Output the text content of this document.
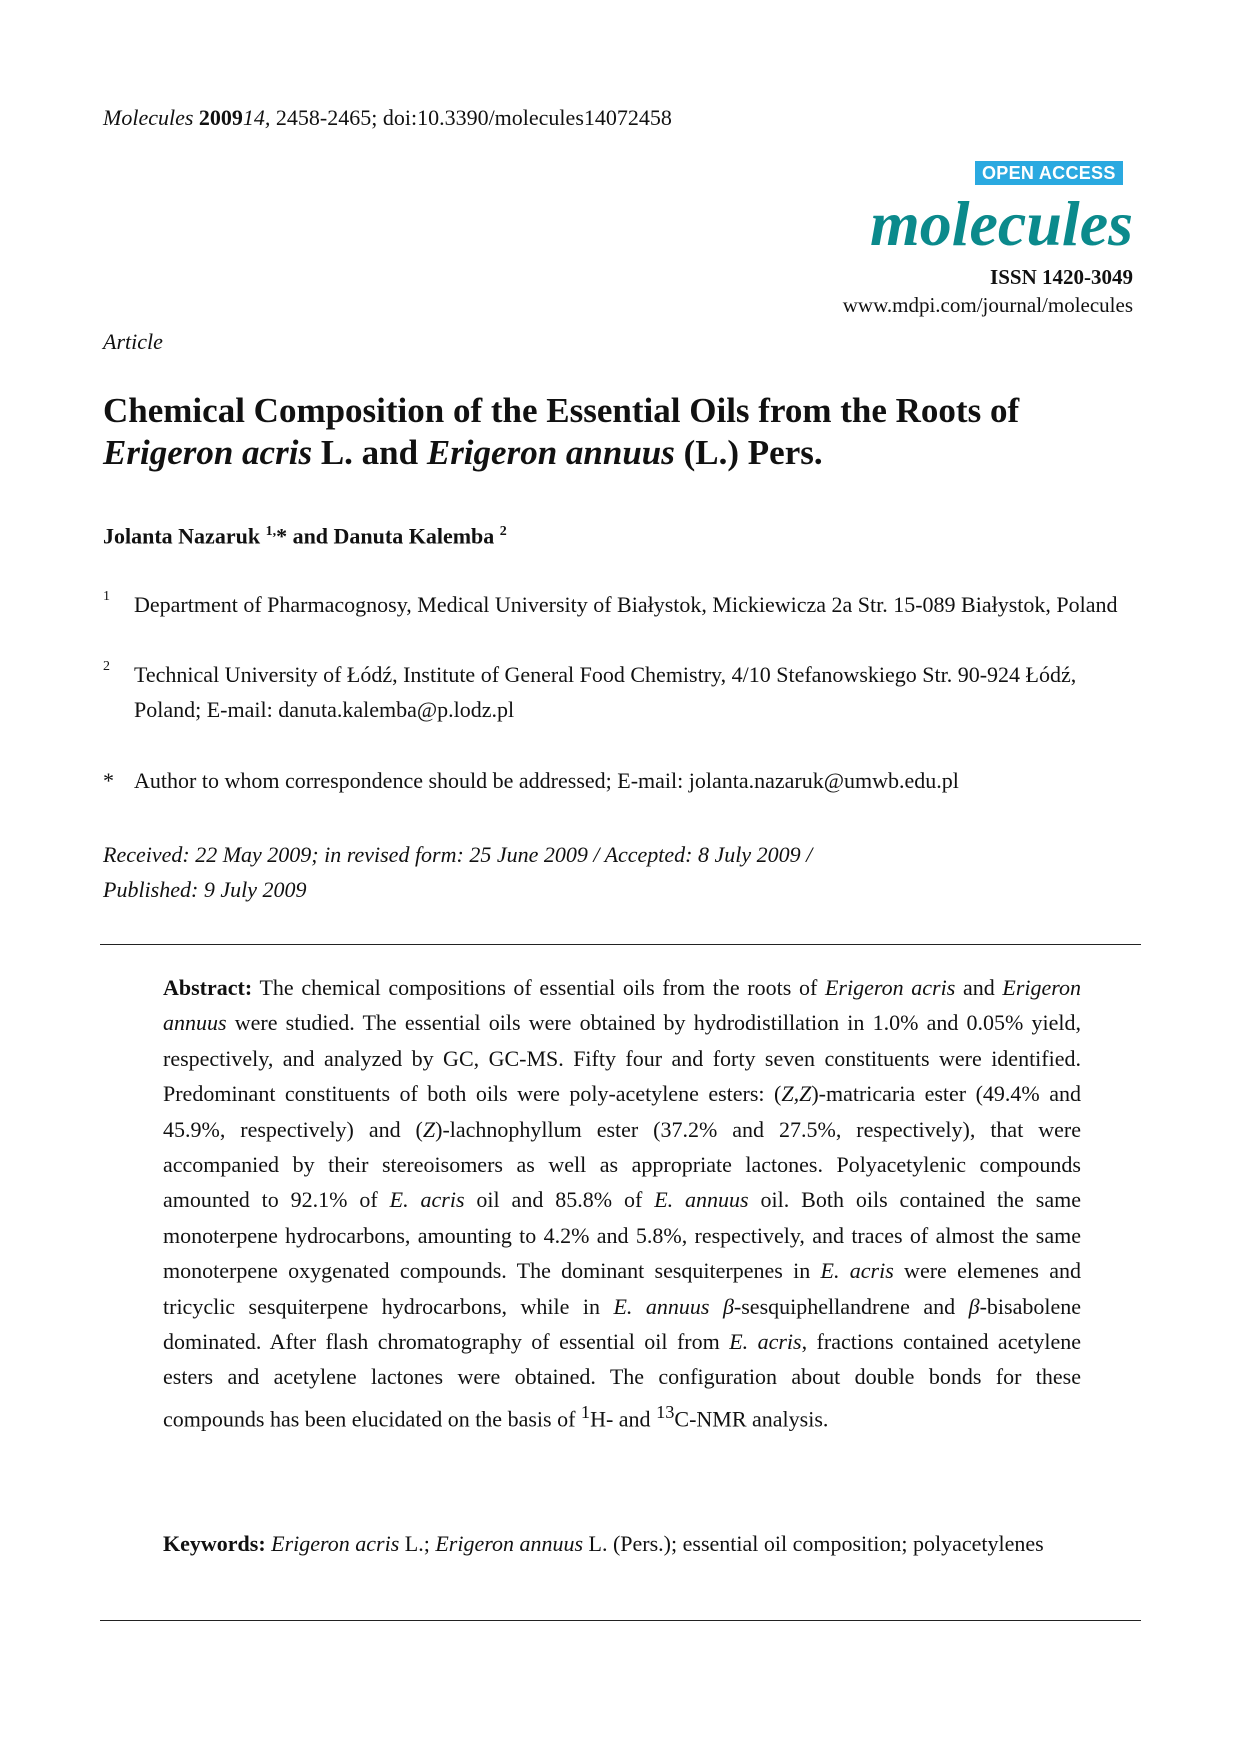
Molecules 200914, 2458-2465; doi:10.3390/molecules14072458
OPEN ACCESS
molecules
ISSN 1420-3049
www.mdpi.com/journal/molecules
Article
Chemical Composition of the Essential Oils from the Roots of
Erigeron acris L. and Erigeron annuus (L.) Pers.
Jolanta Nazaruk $^{1,}$* and Danuta Kalemba $^2$
1 Department of Pharmacognosy, Medical University of Białystok, Mickiewicza 2a Str. 15-089 Białystok, Poland
2 Technical University of Łódź, Institute of General Food Chemistry, 4/10 Stefanowskiego Str. 90-924 Łódź, Poland; E-mail: danuta.kalemba@p.lodz.pl
* Author to whom correspondence should be addressed; E-mail: jolanta.nazaruk@umwb.edu.pl
Received: 22 May 2009; in revised form: 25 June 2009 / Accepted: 8 July 2009 /
Published: 9 July 2009
Abstract: The chemical compositions of essential oils from the roots of Erigeron acris and Erigeron annuus were studied. The essential oils were obtained by hydrodistillation in 1.0% and 0.05% yield, respectively, and analyzed by GC, GC-MS. Fifty four and forty seven constituents were identified. Predominant constituents of both oils were poly-acetylene esters: (Z,Z)-matricaria ester (49.4% and 45.9%, respectively) and (Z)-lachnophyllum ester (37.2% and 27.5%, respectively), that were accompanied by their stereoisomers as well as appropriate lactones. Polyacetylenic compounds amounted to 92.1% of E. acris oil and 85.8% of E. annuus oil. Both oils contained the same monoterpene hydrocarbons, amounting to 4.2% and 5.8%, respectively, and traces of almost the same monoterpene oxygenated compounds. The dominant sesquiterpenes in E. acris were elemenes and tricyclic sesquiterpene hydrocarbons, while in E. annuus β-sesquiphellandrene and β-bisabolene dominated. After flash chromatography of essential oil from E. acris, fractions contained acetylene esters and acetylene lactones were obtained. The configuration about double bonds for these compounds has been elucidated on the basis of $^1$H- and $^{13}$C-NMR analysis.
Keywords: Erigeron acris L.; Erigeron annuus L. (Pers.); essential oil composition; polyacetylenes
